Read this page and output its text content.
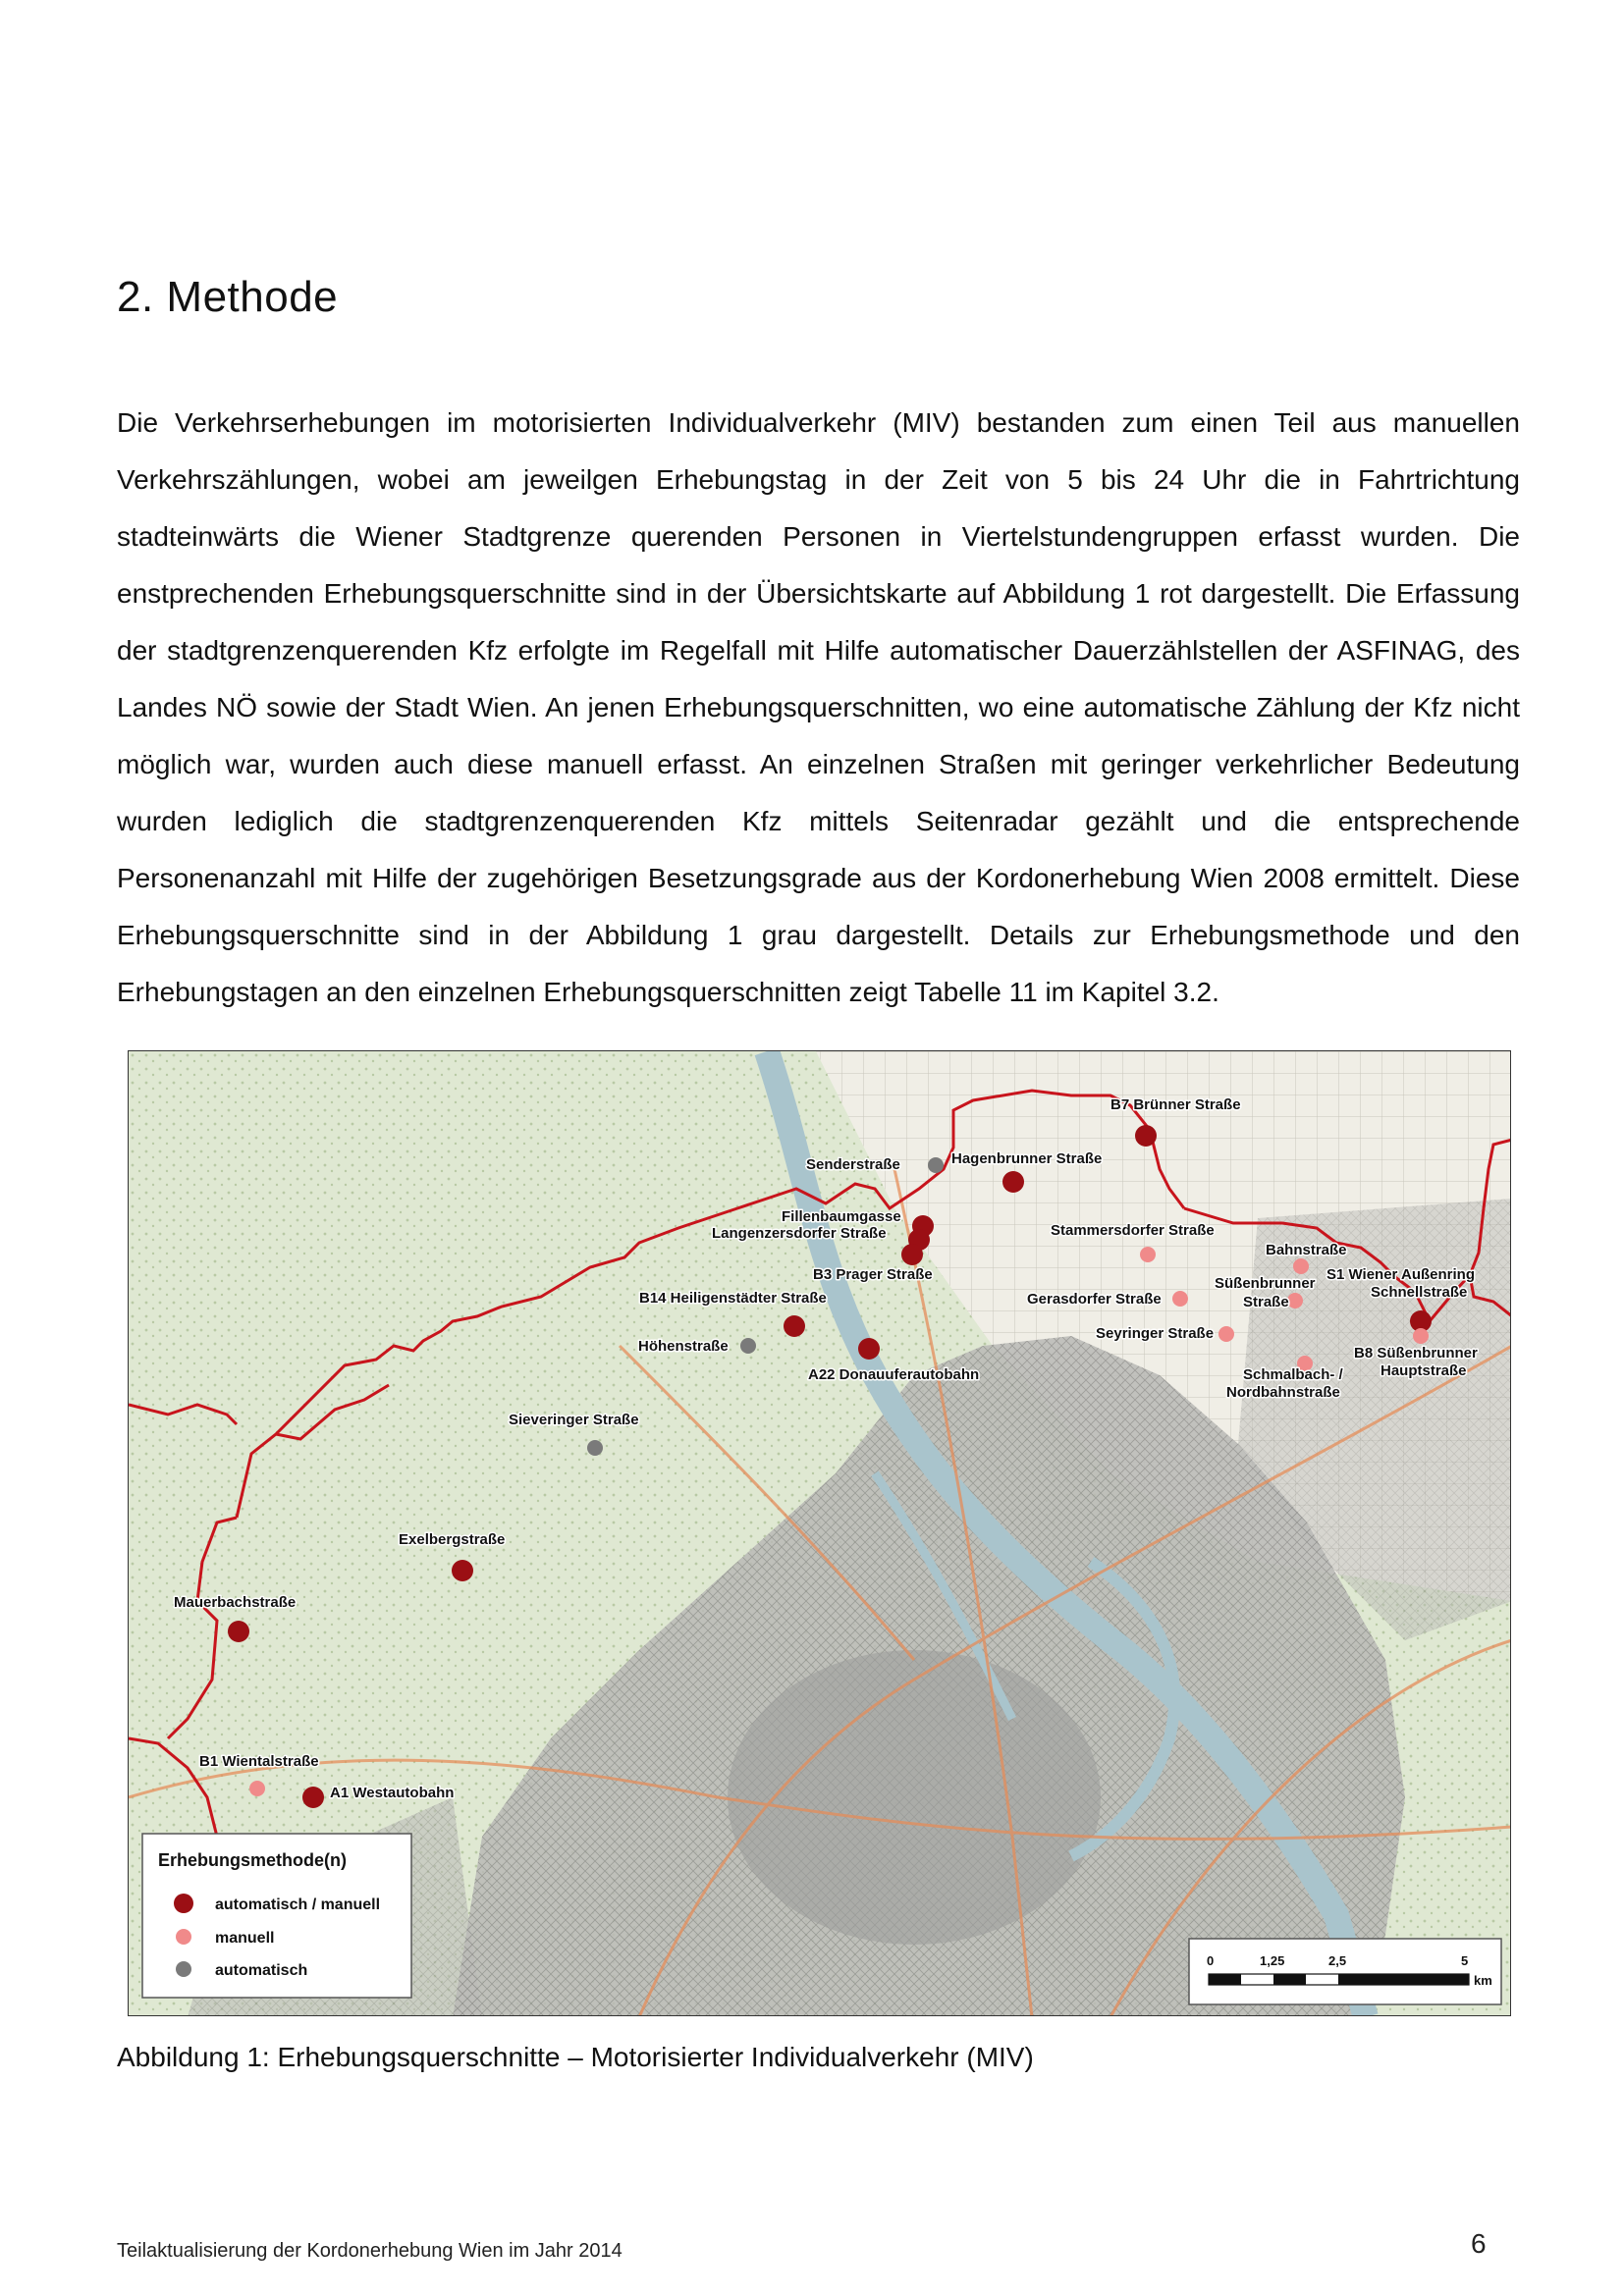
2. Methode

Die Verkehrserhebungen im motorisierten Individualverkehr (MIV) bestanden zum einen Teil aus manuellen Verkehrszählungen, wobei am jeweilgen Erhebungstag in der Zeit von 5 bis 24 Uhr die in Fahrtrichtung stadteinwärts die Wiener Stadtgrenze querenden Personen in Viertelstundengruppen erfasst wurden. Die enstprechenden Erhebungsquerschnitte sind in der Übersichtskarte auf Abbildung 1 rot dargestellt. Die Erfassung der stadtgrenzenquerenden Kfz erfolgte im Regelfall mit Hilfe automatischer Dauerzählstellen der ASFINAG, des Landes NÖ sowie der Stadt Wien. An jenen Erhebungsquerschnitten, wo eine automatische Zählung der Kfz nicht möglich war, wurden auch diese manuell erfasst. An einzelnen Straßen mit geringer verkehrlicher Bedeutung wurden lediglich die stadtgrenzenquerenden Kfz mittels Seitenradar gezählt und die entsprechende Personenanzahl mit Hilfe der zugehörigen Besetzungsgrade aus der Kordonerhebung Wien 2008 ermittelt. Diese Erhebungsquerschnitte sind in der Abbildung 1 grau dargestellt. Details zur Erhebungsmethode und den Erhebungstagen an den einzelnen Erhebungsquerschnitten zeigt Tabelle 11 im Kapitel 3.2.

B7 Brünner Straße
Senderstraße	Hagenbrunner Straße
Fillenbaumgasse
Langenzersdorfer Straße
B3 Prager Straße
B14 Heiligenstädter Straße
Höhenstraße
A22 Donauuferautobahn
Sieveringer Straße
Exelbergstraße
Mauerbachstraße
B1 Wientalstraße
A1 Westautobahn
Stammersdorfer Straße
Bahnstraße
Süßenbrunner
Straße
Gerasdorfer Straße
Seyringer Straße
S1 Wiener Außenring
Schnellstraße
B8 Süßenbrunner
Hauptstraße
Schmalbach- /
Nordbahnstraße
Erhebungsmethode(n)
automatisch / manuell
manuell
automatisch
0	1,25	2,5	5
km

Abbildung 1: Erhebungsquerschnitte – Motorisierter Individualverkehr (MIV)

Teilaktualisierung der Kordonerhebung Wien im Jahr 2014	6
